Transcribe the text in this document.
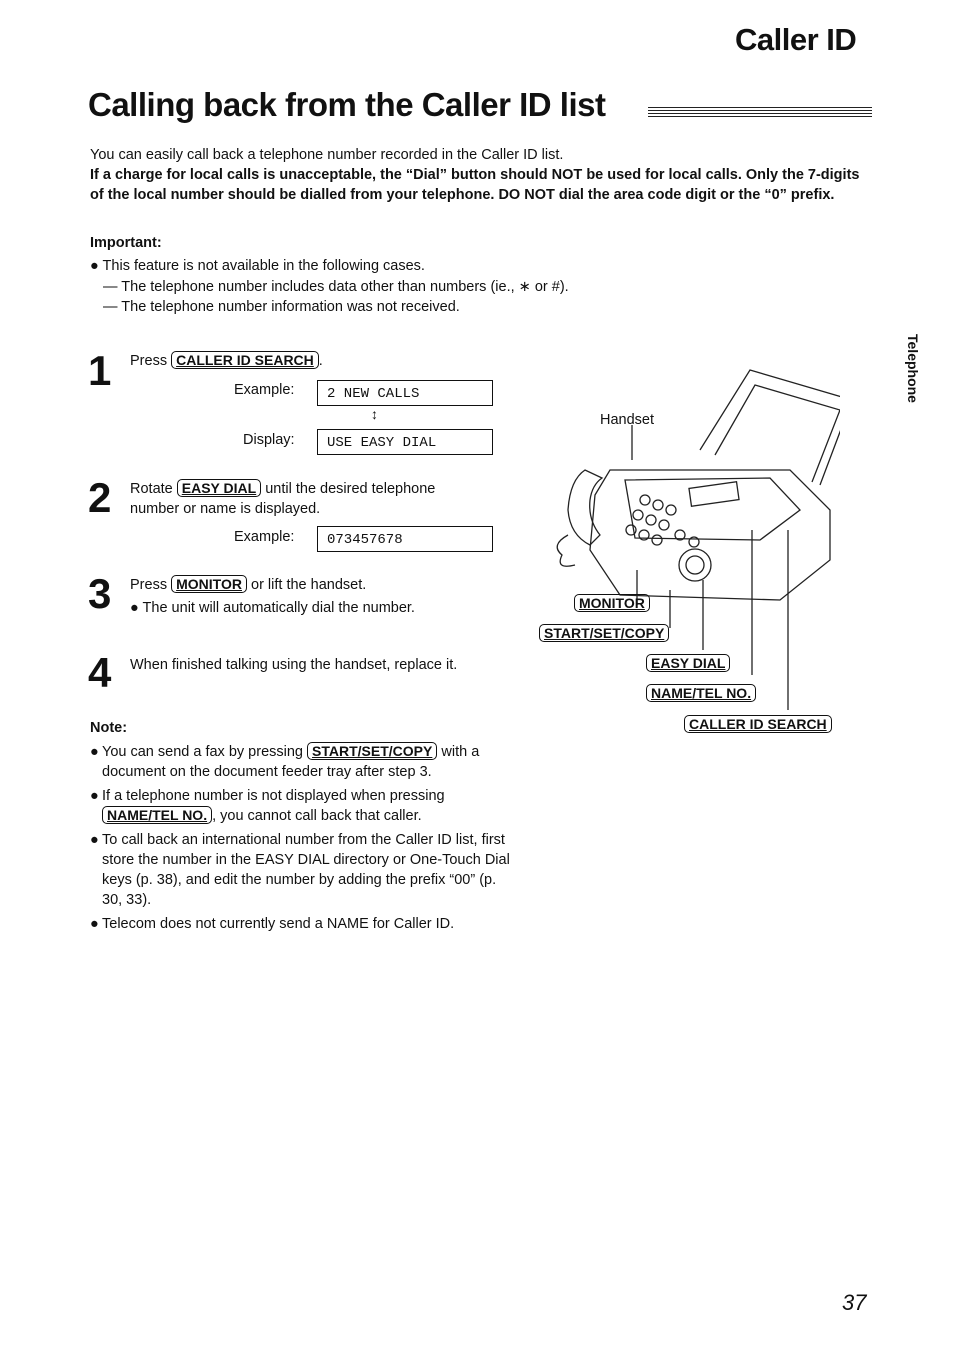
Caller ID
Calling back from the Caller ID list
You can easily call back a telephone number recorded in the Caller ID list.
If a charge for local calls is unacceptable, the “Dial” button should NOT be used for local calls. Only the 7-digits of the local number should be dialled from your telephone. DO NOT dial the area code digit or the “0” prefix.
Important:
● This feature is not available in the following cases.
— The telephone number includes data other than numbers (ie., ∗ or #).
— The telephone number information was not received.
1 Press CALLER ID SEARCH .
Example:	2 NEW CALLS
↕
Display:	USE EASY DIAL
2 Rotate EASY DIAL until the desired telephone
number or name is displayed.
Example:	073457678
3 Press MONITOR or lift the handset.
● The unit will automatically dial the number.
4 When finished talking using the handset, replace it.
Note:
● You can send a fax by pressing START/SET/COPY with a document on the document feeder tray after step 3.
● If a telephone number is not displayed when pressing NAME/TEL NO. , you cannot call back that caller.
● To call back an international number from the Caller ID list, first store the number in the EASY DIAL directory or One-Touch Dial keys (p. 38), and edit the number by adding the prefix “00” (p. 30, 33).
● Telecom does not currently send a NAME for Caller ID.
Handset
MONITOR
START/SET/COPY
EASY DIAL
NAME/TEL NO.
CALLER ID SEARCH
Telephone
37
